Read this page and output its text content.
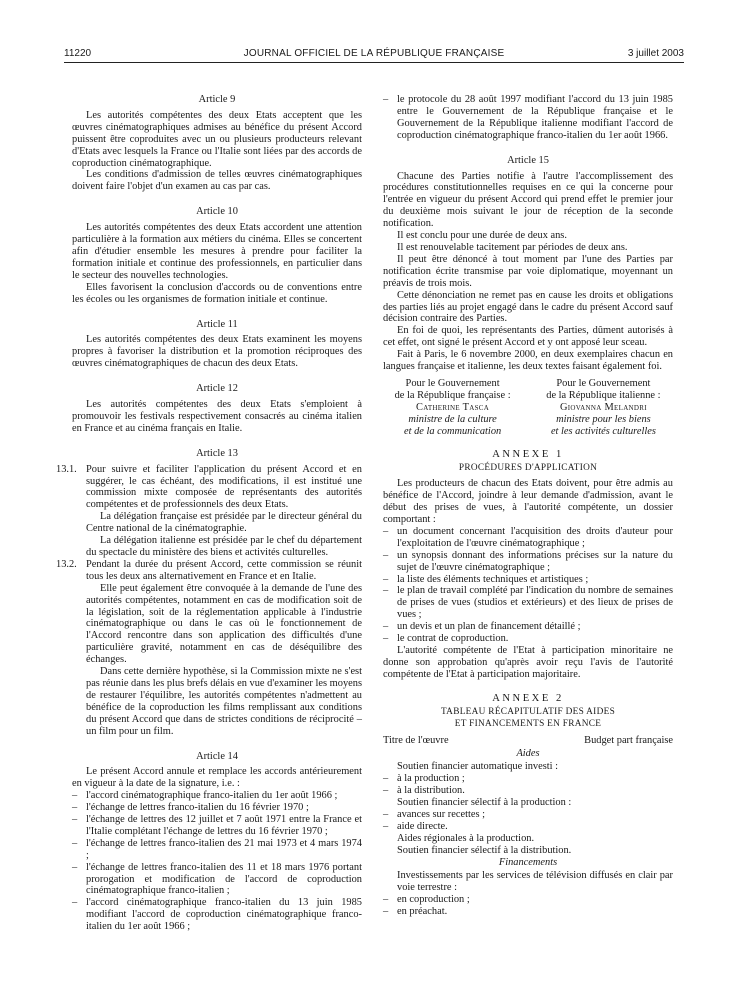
11220	JOURNAL OFFICIEL DE LA RÉPUBLIQUE FRANÇAISE	3 juillet 2003
Article 9

Les autorités compétentes des deux Etats acceptent que les œuvres cinématographiques admises au bénéfice du présent Accord puissent être coproduites avec un ou plusieurs producteurs relevant d'Etats avec lesquels la France ou l'Italie sont liées par des accords de coproduction cinématographique.

Les conditions d'admission de telles œuvres cinématographiques doivent faire l'objet d'un examen au cas par cas.

Article 10

Les autorités compétentes des deux Etats accordent une attention particulière à la formation aux métiers du cinéma. Elles se concertent afin d'étudier ensemble les mesures à prendre pour faciliter la formation initiale et continue des professionnels, en particulier dans le secteur des nouvelles technologies.

Elles favorisent la conclusion d'accords ou de conventions entre les écoles ou les organismes de formation initiale et continue.

Article 11

Les autorités compétentes des deux Etats examinent les moyens propres à favoriser la distribution et la promotion réciproques des œuvres cinématographiques de chacun des deux Etats.

Article 12

Les autorités compétentes des deux Etats s'emploient à promouvoir les festivals respectivement consacrés au cinéma italien en France et au cinéma français en Italie.

Article 13
13.1. Pour suivre et faciliter l'application du présent Accord et en suggérer, le cas échéant, des modifications, il est institué une commission mixte composée de représentants des autorités compétentes et de professionnels des deux Etats.

La délégation française est présidée par le directeur général du Centre national de la cinématographie.

La délégation italienne est présidée par le chef du département du spectacle du ministère des biens et activités culturelles.

13.2. Pendant la durée du présent Accord, cette commission se réunit tous les deux ans alternativement en France et en Italie.

Elle peut également être convoquée à la demande de l'une des autorités compétentes, notamment en cas de modification soit de la législation, soit de la réglementation applicable à l'industrie cinématographique ou dans le cas où le fonctionnement de l'Accord rencontre dans son application des difficultés d'une particulière gravité, notamment en cas de déséquilibre des échanges.

Dans cette dernière hypothèse, si la Commission mixte ne s'est pas réunie dans les plus brefs délais en vue d'examiner les moyens de restaurer l'équilibre, les autorités compétentes n'admettent au bénéfice de la coproduction les films remplissant aux conditions du présent Accord que dans de strictes conditions de réciprocité – un film pour un film.

Article 14

Le présent Accord annule et remplace les accords antérieurement en vigueur à la date de la signature, i.e. :

– l'accord cinématographique franco-italien du 1er août 1966 ;
– l'échange de lettres franco-italien du 16 février 1970 ;
– l'échange de lettres des 12 juillet et 7 août 1971 entre la France et l'Italie complétant l'échange de lettres du 16 février 1970 ;
– l'échange de lettres franco-italien des 21 mai 1973 et 4 mars 1974 ;
– l'échange de lettres franco-italien des 11 et 18 mars 1976 portant prorogation et modification de l'accord de coproduction cinématographique franco-italien ;
– l'accord cinématographique franco-italien du 13 juin 1985 modifiant l'accord de coproduction cinématographique franco-italien du 1er août 1966 ;
– le protocole du 28 août 1997 modifiant l'accord du 13 juin 1985 entre le Gouvernement de la République française et le Gouvernement de la République italienne modifiant l'accord de coproduction cinématographique franco-italien du 1er août 1966.
Article 15

Chacune des Parties notifie à l'autre l'accomplissement des procédures constitutionnelles requises en ce qui la concerne pour l'entrée en vigueur du présent Accord qui prend effet le premier jour du deuxième mois suivant le jour de réception de la seconde notification.

Il est conclu pour une durée de deux ans.

Il est renouvelable tacitement par périodes de deux ans.

Il peut être dénoncé à tout moment par l'une des Parties par notification écrite transmise par voie diplomatique, moyennant un préavis de trois mois.

Cette dénonciation ne remet pas en cause les droits et obligations des parties liés au projet engagé dans le cadre du présent Accord sauf décision contraire des Parties.

En foi de quoi, les représentants des Parties, dûment autorisés à cet effet, ont signé le présent Accord et y ont apposé leur sceau.

Fait à Paris, le 6 novembre 2000, en deux exemplaires chacun en langues française et italienne, les deux textes faisant également foi.

Pour le Gouvernement
de la République française :
Catherine Tasca
ministre de la culture
et de la communication
Pour le Gouvernement
de la République italienne :
Giovanna Melandri
ministre pour les biens
et les activités culturelles
ANNEXE 1
PROCÉDURES D'APPLICATION

Les producteurs de chacun des Etats doivent, pour être admis au bénéfice de l'Accord, joindre à leur demande d'admission, avant le début des prises de vues, à l'autorité compétente, un dossier comportant :

– un document concernant l'acquisition des droits d'auteur pour l'exploitation de l'œuvre cinématographique ;
– un synopsis donnant des informations précises sur la nature du sujet de l'œuvre cinématographique ;
– la liste des éléments techniques et artistiques ;
– le plan de travail complété par l'indication du nombre de semaines de prises de vues (studios et extérieurs) et des lieux de prises de vues ;
– un devis et un plan de financement détaillé ;
– le contrat de coproduction.

L'autorité compétente de l'Etat à participation minoritaire ne donne son approbation qu'après avoir reçu l'avis de l'autorité compétente de l'Etat à participation majoritaire.

ANNEXE 2
TABLEAU RÉCAPITULATIF DES AIDES
ET FINANCEMENTS EN FRANCE
Titre de l'œuvre	Budget part française
Aides

Soutien financier automatique investi :

– à la production ;
– à la distribution.

Soutien financier sélectif à la production :

– avances sur recettes ;
– aide directe.

Aides régionales à la production.

Soutien financier sélectif à la distribution.

Financements

Investissements par les services de télévision diffusés en clair par voie terrestre :

– en coproduction ;
– en préachat.
